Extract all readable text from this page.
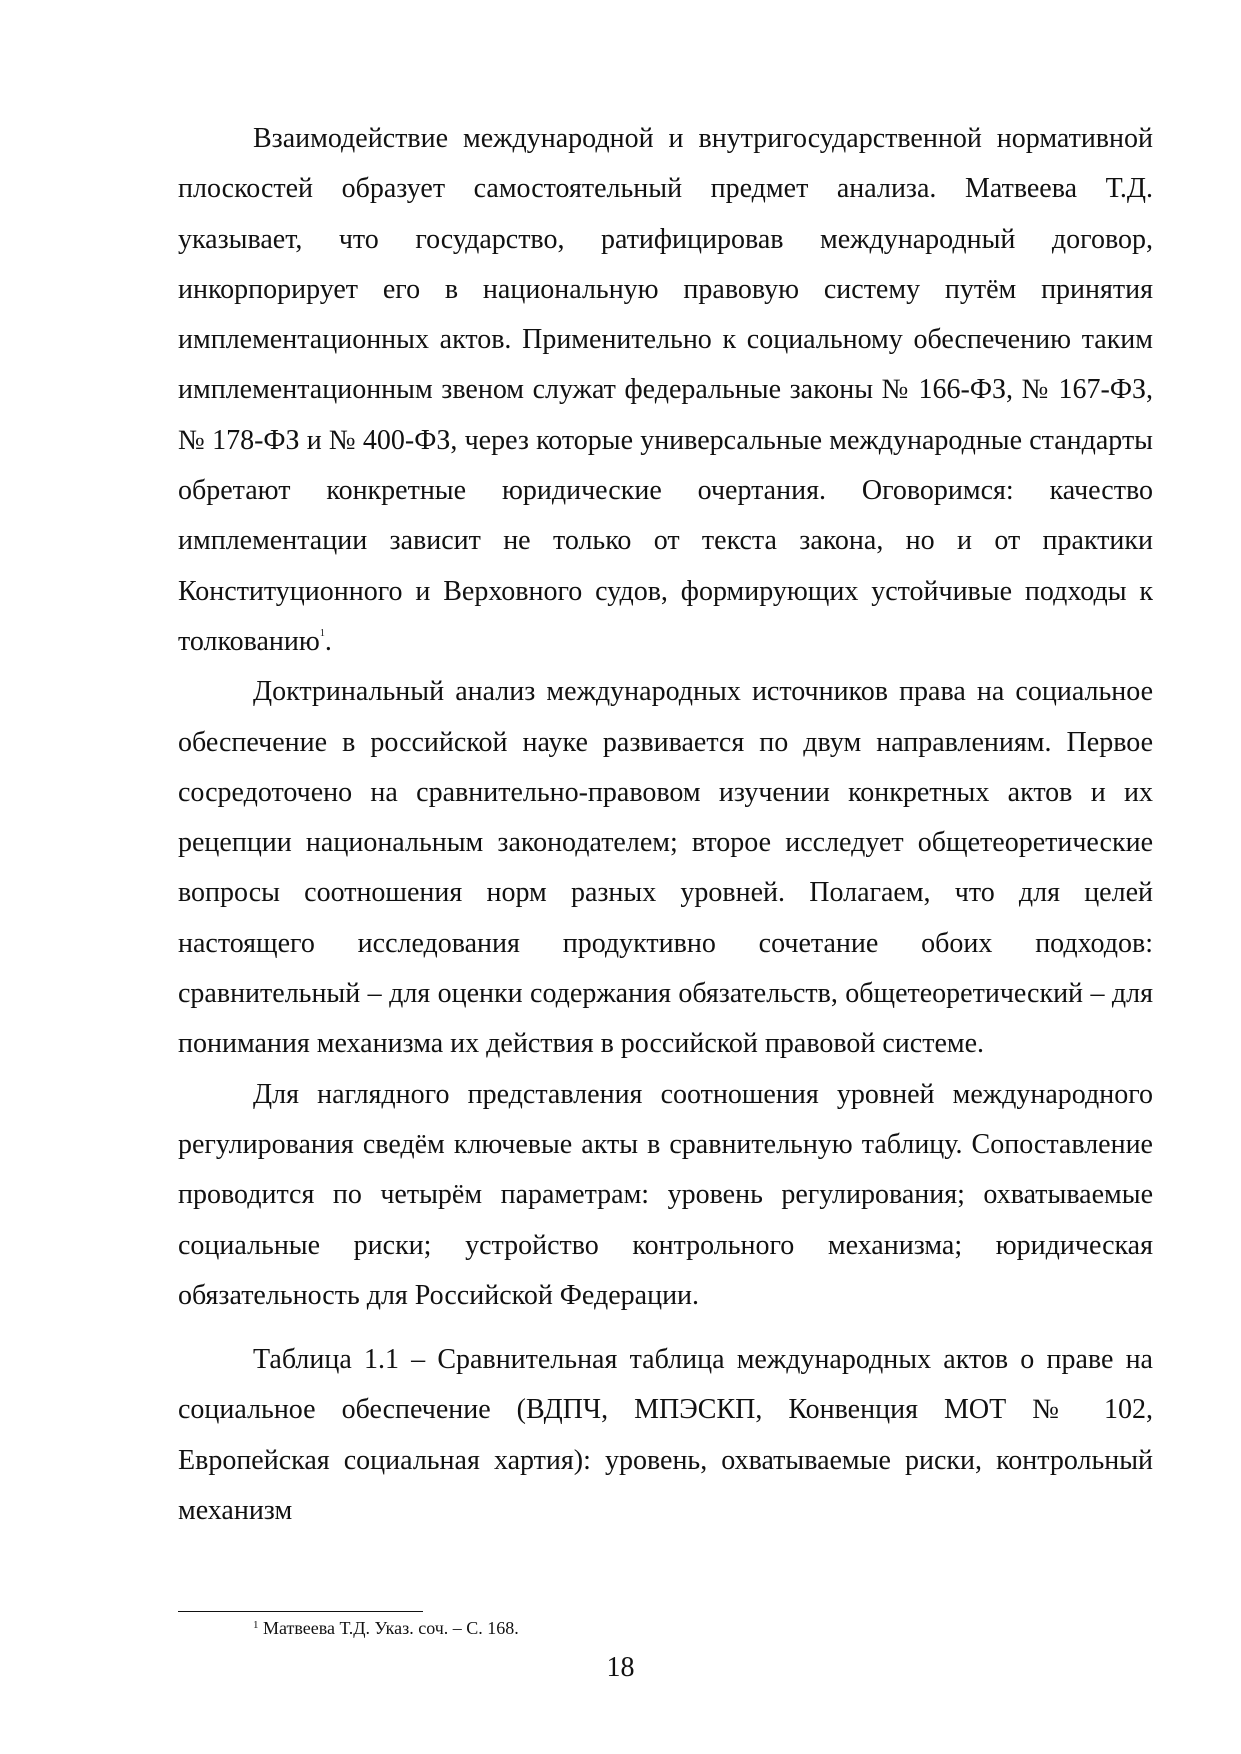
Взаимодействие международной и внутригосударственной нормативной плоскостей образует самостоятельный предмет анализа. Матвеева Т.Д. указывает, что государство, ратифицировав международный договор, инкорпорирует его в национальную правовую систему путём принятия имплементационных актов. Применительно к социальному обеспечению таким имплементационным звеном служат федеральные законы № 166-ФЗ, № 167-ФЗ, № 178-ФЗ и № 400-ФЗ, через которые универсальные международные стандарты обретают конкретные юридические очертания. Оговоримся: качество имплементации зависит не только от текста закона, но и от практики Конституционного и Верховного судов, формирующих устойчивые подходы к толкованию$^1$.

Доктринальный анализ международных источников права на социальное обеспечение в российской науке развивается по двум направлениям. Первое сосредоточено на сравнительно-правовом изучении конкретных актов и их рецепции национальным законодателем; второе исследует общетеоретические вопросы соотношения норм разных уровней. Полагаем, что для целей настоящего исследования продуктивно сочетание обоих подходов: сравнительный – для оценки содержания обязательств, общетеоретический – для понимания механизма их действия в российской правовой системе.

Для наглядного представления соотношения уровней международного регулирования сведём ключевые акты в сравнительную таблицу. Сопоставление проводится по четырём параметрам: уровень регулирования; охватываемые социальные риски; устройство контрольного механизма; юридическая обязательность для Российской Федерации.

Таблица 1.1 – Сравнительная таблица международных актов о праве на социальное обеспечение (ВДПЧ, МПЭСКП, Конвенция МОТ № 102, Европейская социальная хартия): уровень, охватываемые риски, контрольный механизм

$^1$ Матвеева Т.Д. Указ. соч. – С. 168.
18
